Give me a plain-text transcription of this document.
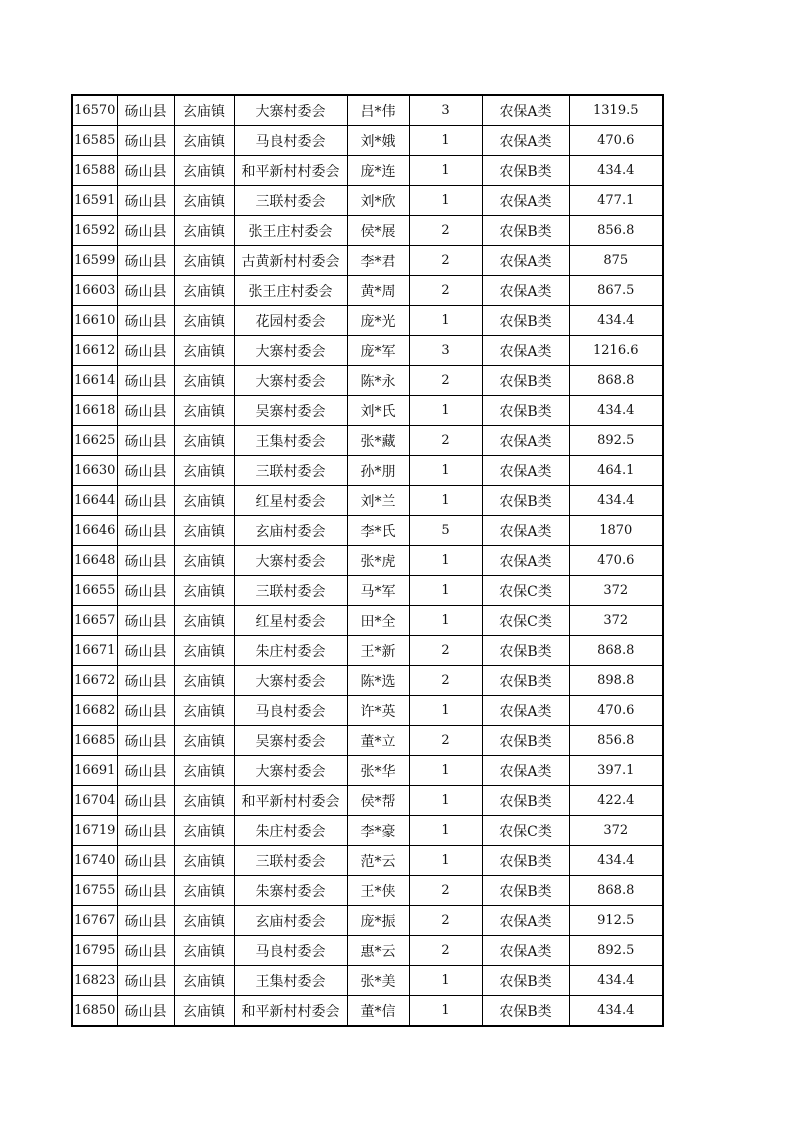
16570	砀山县	玄庙镇	大寨村委会	吕*伟	3	农保A类	1319.5
16585	砀山县	玄庙镇	马良村委会	刘*娥	1	农保A类	470.6
16588	砀山县	玄庙镇	和平新村村委会	庞*连	1	农保B类	434.4
16591	砀山县	玄庙镇	三联村委会	刘*欣	1	农保A类	477.1
16592	砀山县	玄庙镇	张王庄村委会	侯*展	2	农保B类	856.8
16599	砀山县	玄庙镇	古黄新村村委会	李*君	2	农保A类	875
16603	砀山县	玄庙镇	张王庄村委会	黄*周	2	农保A类	867.5
16610	砀山县	玄庙镇	花园村委会	庞*光	1	农保B类	434.4
16612	砀山县	玄庙镇	大寨村委会	庞*军	3	农保A类	1216.6
16614	砀山县	玄庙镇	大寨村委会	陈*永	2	农保B类	868.8
16618	砀山县	玄庙镇	吴寨村委会	刘*氏	1	农保B类	434.4
16625	砀山县	玄庙镇	王集村委会	张*藏	2	农保A类	892.5
16630	砀山县	玄庙镇	三联村委会	孙*朋	1	农保A类	464.1
16644	砀山县	玄庙镇	红星村委会	刘*兰	1	农保B类	434.4
16646	砀山县	玄庙镇	玄庙村委会	李*氏	5	农保A类	1870
16648	砀山县	玄庙镇	大寨村委会	张*虎	1	农保A类	470.6
16655	砀山县	玄庙镇	三联村委会	马*军	1	农保C类	372
16657	砀山县	玄庙镇	红星村委会	田*全	1	农保C类	372
16671	砀山县	玄庙镇	朱庄村委会	王*新	2	农保B类	868.8
16672	砀山县	玄庙镇	大寨村委会	陈*选	2	农保B类	898.8
16682	砀山县	玄庙镇	马良村委会	许*英	1	农保A类	470.6
16685	砀山县	玄庙镇	吴寨村委会	董*立	2	农保B类	856.8
16691	砀山县	玄庙镇	大寨村委会	张*华	1	农保A类	397.1
16704	砀山县	玄庙镇	和平新村村委会	侯*帮	1	农保B类	422.4
16719	砀山县	玄庙镇	朱庄村委会	李*豪	1	农保C类	372
16740	砀山县	玄庙镇	三联村委会	范*云	1	农保B类	434.4
16755	砀山县	玄庙镇	朱寨村委会	王*侠	2	农保B类	868.8
16767	砀山县	玄庙镇	玄庙村委会	庞*振	2	农保A类	912.5
16795	砀山县	玄庙镇	马良村委会	惠*云	2	农保A类	892.5
16823	砀山县	玄庙镇	王集村委会	张*美	1	农保B类	434.4
16850	砀山县	玄庙镇	和平新村村委会	董*信	1	农保B类	434.4
